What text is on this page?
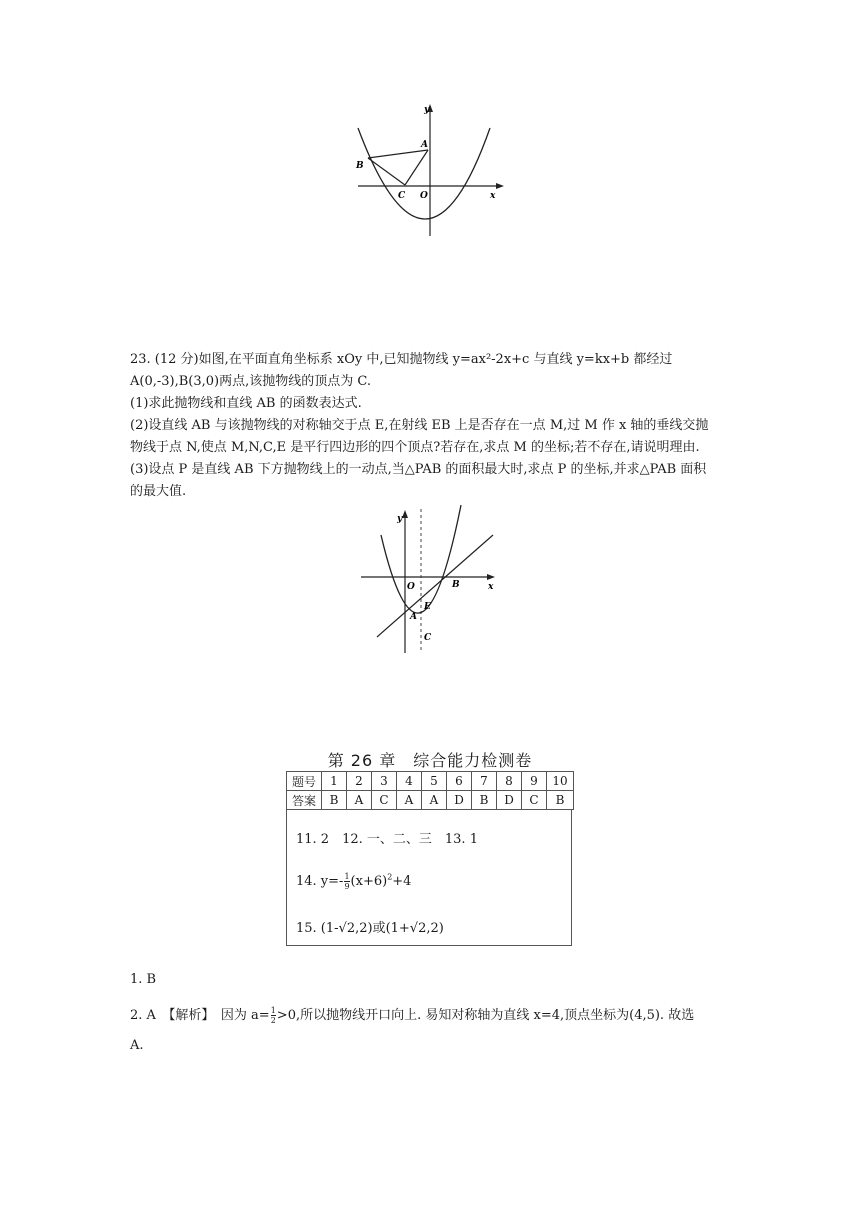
y
x
A
B
C O
23. (12 分)如图,在平面直角坐标系 xOy 中,已知抛物线 y=ax²-2x+c 与直线 y=kx+b 都经过
A(0,-3),B(3,0)两点,该抛物线的顶点为 C.
(1)求此抛物线和直线 AB 的函数表达式.
(2)设直线 AB 与该抛物线的对称轴交于点 E,在射线 EB 上是否存在一点 M,过 M 作 x 轴的垂线交抛
物线于点 N,使点 M,N,C,E 是平行四边形的四个顶点?若存在,求点 M 的坐标;若不存在,请说明理由.
(3)设点 P 是直线 AB 下方抛物线上的一动点,当△PAB 的面积最大时,求点 P 的坐标,并求△PAB 面积
的最大值.
y
x
O
A
B
E
C
第 26 章　综合能力检测卷
题号	1	2	3	4	5	6	7	8	9	10
答案	B	A	C	A	A	D	B	D	C	B
11. 2　12. 一、二、三　13. 1
14. $y=- \frac{1}{9} (x+6)^2+4$
15. (1-√2,2)或(1+√2,2)
1. B
2. A　【解析】　因为 $a= \frac{1}{2} >0$,所以抛物线开口向上. 易知对称轴为直线 x=4,顶点坐标为(4,5). 故选
A.
